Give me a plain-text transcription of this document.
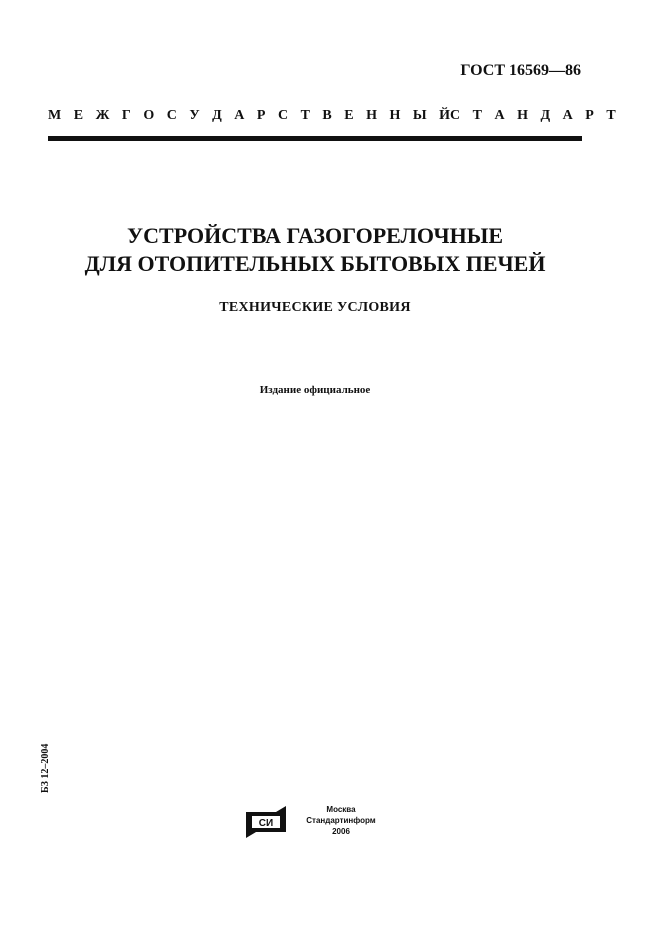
ГОСТ 16569—86
М Е Ж Г О С У Д А Р С Т В Е Н Н Ы Й С Т А Н Д А Р Т
УСТРОЙСТВА ГАЗОГОРЕЛОЧНЫЕ
ДЛЯ ОТОПИТЕЛЬНЫХ БЫТОВЫХ ПЕЧЕЙ
ТЕХНИЧЕСКИЕ УСЛОВИЯ
Издание официальное
БЗ 12–2004
СИ
Москва
Стандартинформ
2006
